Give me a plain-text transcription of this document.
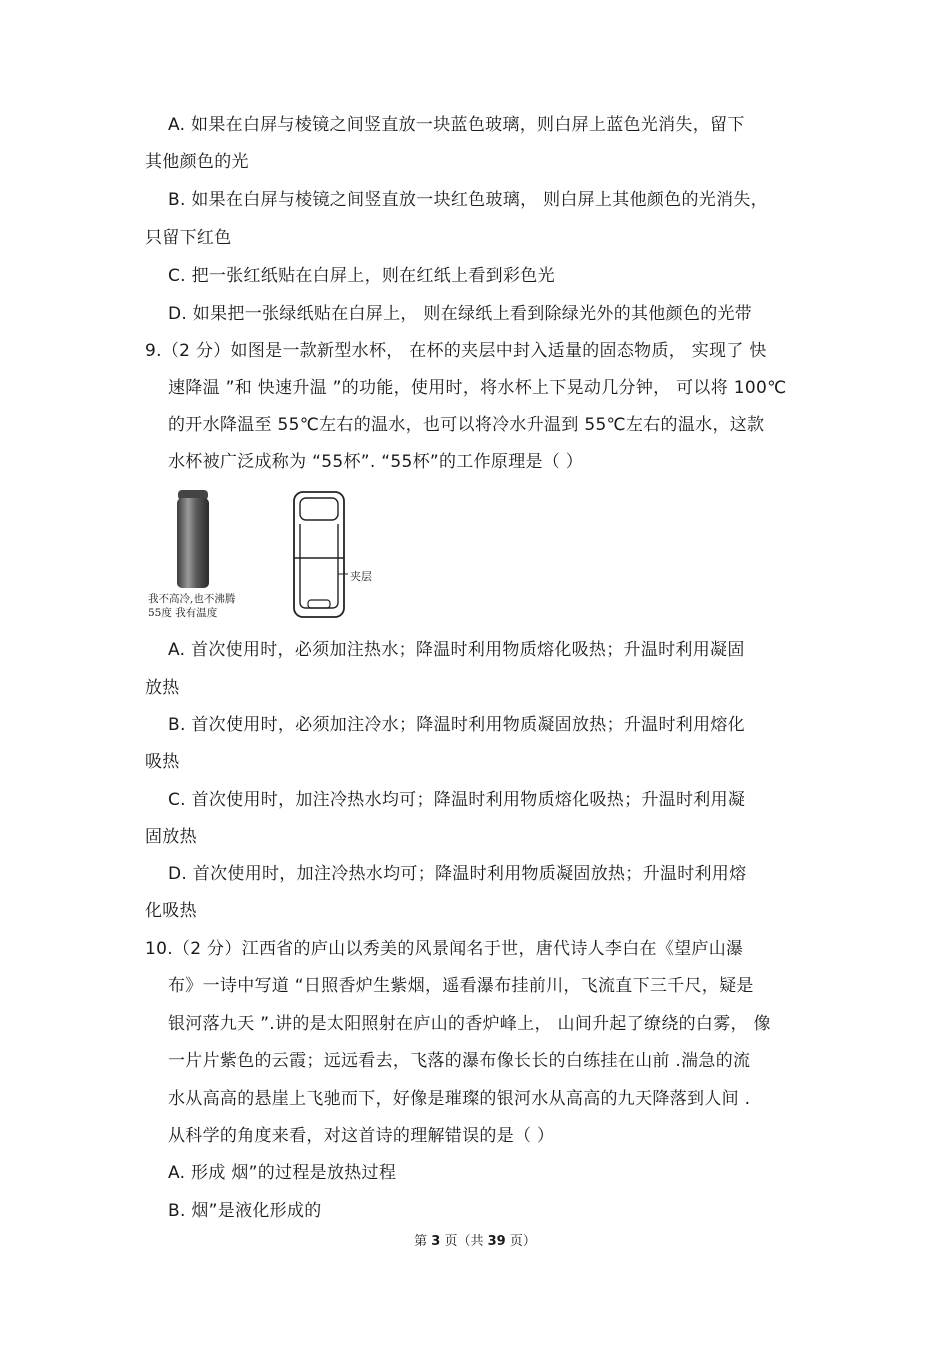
A. 如果在白屏与棱镜之间竖直放一块蓝色玻璃，则白屏上蓝色光消失，留下
其他颜色的光
B. 如果在白屏与棱镜之间竖直放一块红色玻璃， 则白屏上其他颜色的光消失，
只留下红色
C. 把一张红纸贴在白屏上，则在红纸上看到彩色光
D. 如果把一张绿纸贴在白屏上， 则在绿纸上看到除绿光外的其他颜色的光带
9.（2 分）如图是一款新型水杯， 在杯的夹层中封入适量的固态物质， 实现了 快
速降温 ”和 快速升温 ”的功能，使用时，将水杯上下晃动几分钟， 可以将 100℃
的开水降温至 55℃左右的温水，也可以将冷水升温到 55℃左右的温水，这款
水杯被广泛成称为 “55杯”. “55杯”的工作原理是（ ）
我不高冷,也不沸腾
55度 我有温度
夹层
A. 首次使用时，必须加注热水；降温时利用物质熔化吸热；升温时利用凝固
放热
B. 首次使用时，必须加注冷水；降温时利用物质凝固放热；升温时利用熔化
吸热
C. 首次使用时，加注冷热水均可；降温时利用物质熔化吸热；升温时利用凝
固放热
D. 首次使用时，加注冷热水均可；降温时利用物质凝固放热；升温时利用熔
化吸热
10.（2 分）江西省的庐山以秀美的风景闻名于世，唐代诗人李白在《望庐山瀑
布》一诗中写道 “日照香炉生紫烟，遥看瀑布挂前川，飞流直下三千尺，疑是
银河落九天 ”.讲的是太阳照射在庐山的香炉峰上， 山间升起了缭绕的白雾， 像
一片片紫色的云霞；远远看去，飞落的瀑布像长长的白练挂在山前 .湍急的流
水从高高的悬崖上飞驰而下，好像是璀璨的银河水从高高的九天降落到人间 .
从科学的角度来看，对这首诗的理解错误的是（ ）
A. 形成 烟”的过程是放热过程
B. 烟”是液化形成的
第 3 页（共 39 页）
